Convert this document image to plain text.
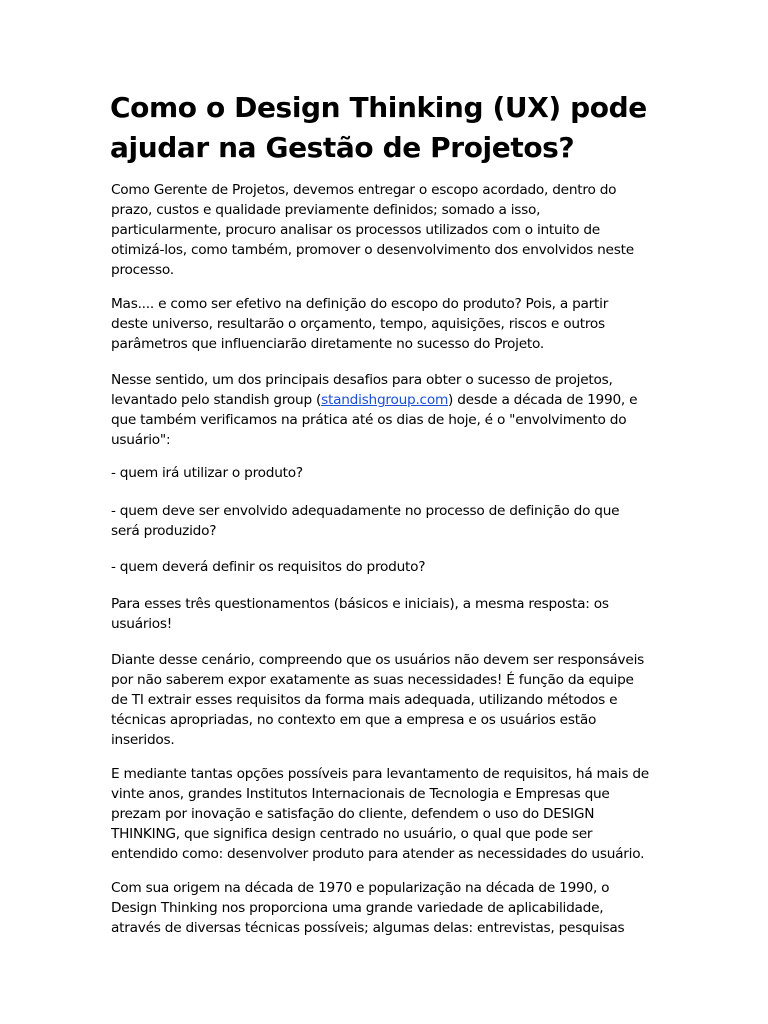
Como o Design Thinking (UX) pode
ajudar na Gestão de Projetos?

Como Gerente de Projetos, devemos entregar o escopo acordado, dentro do
prazo, custos e qualidade previamente definidos; somado a isso,
particularmente, procuro analisar os processos utilizados com o intuito de
otimizá-los, como também, promover o desenvolvimento dos envolvidos neste
processo.

Mas.... e como ser efetivo na definição do escopo do produto? Pois, a partir
deste universo, resultarão o orçamento, tempo, aquisições, riscos e outros
parâmetros que influenciarão diretamente no sucesso do Projeto.

Nesse sentido, um dos principais desafios para obter o sucesso de projetos,
levantado pelo standish group (standishgroup.com) desde a década de 1990, e
que também verificamos na prática até os dias de hoje, é o "envolvimento do
usuário":

- quem irá utilizar o produto?

- quem deve ser envolvido adequadamente no processo de definição do que
será produzido?

- quem deverá definir os requisitos do produto?

Para esses três questionamentos (básicos e iniciais), a mesma resposta: os
usuários!

Diante desse cenário, compreendo que os usuários não devem ser responsáveis
por não saberem expor exatamente as suas necessidades! É função da equipe
de TI extrair esses requisitos da forma mais adequada, utilizando métodos e
técnicas apropriadas, no contexto em que a empresa e os usuários estão
inseridos.

E mediante tantas opções possíveis para levantamento de requisitos, há mais de
vinte anos, grandes Institutos Internacionais de Tecnologia e Empresas que
prezam por inovação e satisfação do cliente, defendem o uso do DESIGN
THINKING, que significa design centrado no usuário, o qual que pode ser
entendido como: desenvolver produto para atender as necessidades do usuário.

Com sua origem na década de 1970 e popularização na década de 1990, o
Design Thinking nos proporciona uma grande variedade de aplicabilidade,
através de diversas técnicas possíveis; algumas delas: entrevistas, pesquisas
